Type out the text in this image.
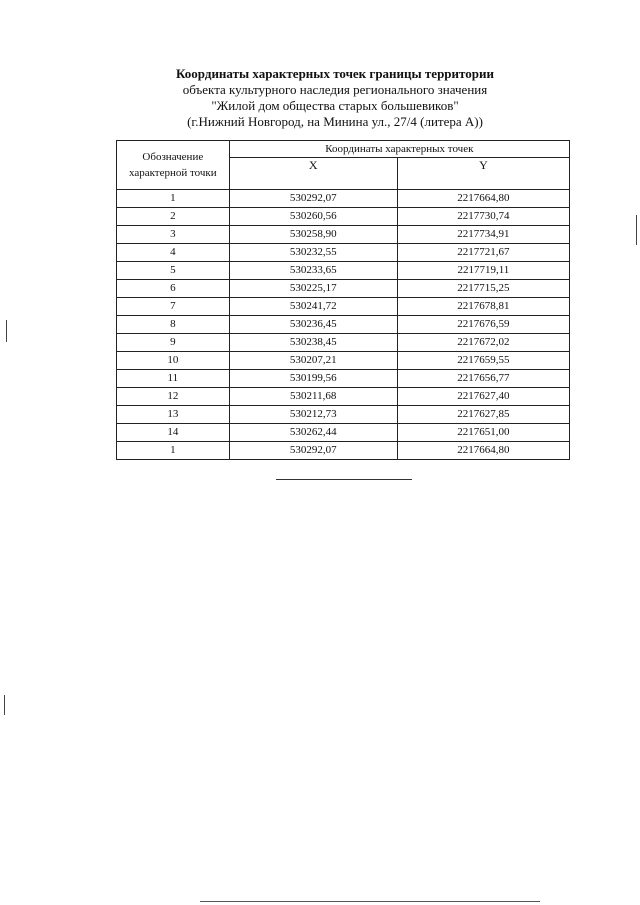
Координаты характерных точек границы территории
объекта культурного наследия регионального значения
"Жилой дом общества старых большевиков"
(г.Нижний Новгород, на Минина ул., 27/4 (литера А))
Обозначение характерной точки	Координаты характерных точек	
	X	Y
1	530292,07	2217664,80
2	530260,56	2217730,74
3	530258,90	2217734,91
4	530232,55	2217721,67
5	530233,65	2217719,11
6	530225,17	2217715,25
7	530241,72	2217678,81
8	530236,45	2217676,59
9	530238,45	2217672,02
10	530207,21	2217659,55
11	530199,56	2217656,77
12	530211,68	2217627,40
13	530212,73	2217627,85
14	530262,44	2217651,00
1	530292,07	2217664,80
